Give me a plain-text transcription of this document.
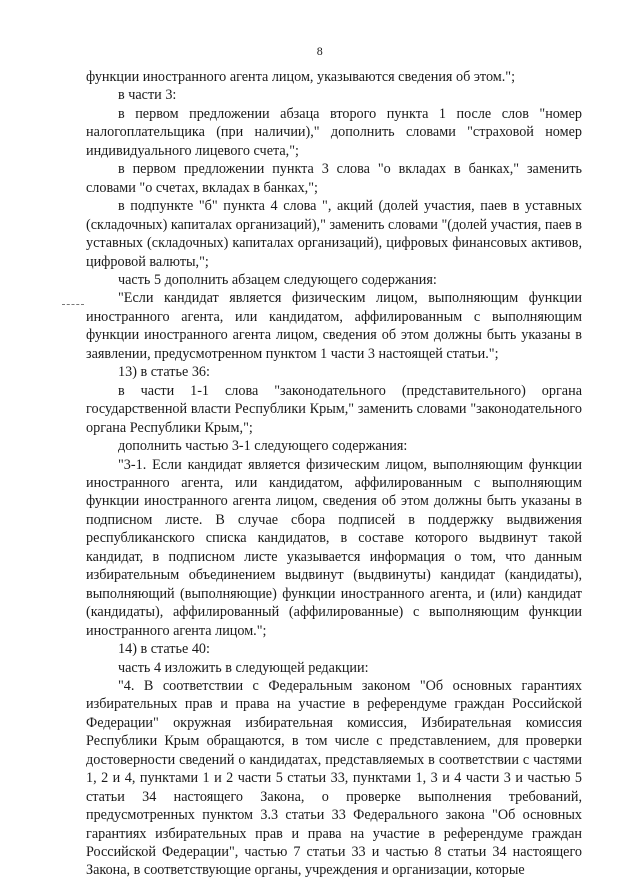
8

функции иностранного агента лицом, указываются сведения об этом.";

в части 3:

в первом предложении абзаца второго пункта 1 после слов "номер налогоплательщика (при наличии)," дополнить словами "страховой номер индивидуального лицевого счета,";

в первом предложении пункта 3 слова "о вкладах в банках," заменить словами "о счетах, вкладах в банках,";

в подпункте "б" пункта 4 слова ", акций (долей участия, паев в уставных (складочных) капиталах организаций)," заменить словами "(долей участия, паев в уставных (складочных) капиталах организаций), цифровых финансовых активов, цифровой валюты,";

часть 5 дополнить абзацем следующего содержания:

"Если кандидат является физическим лицом, выполняющим функции иностранного агента, или кандидатом, аффилированным с выполняющим функции иностранного агента лицом, сведения об этом должны быть указаны в заявлении, предусмотренном пунктом 1 части 3 настоящей статьи.";

13) в статье 36:

в части 1-1 слова "законодательного (представительного) органа государственной власти Республики Крым," заменить словами "законодательного органа Республики Крым,";

дополнить частью 3-1 следующего содержания:

"3-1. Если кандидат является физическим лицом, выполняющим функции иностранного агента, или кандидатом, аффилированным с выполняющим функции иностранного агента лицом, сведения об этом должны быть указаны в подписном листе. В случае сбора подписей в поддержку выдвижения республиканского списка кандидатов, в составе которого выдвинут такой кандидат, в подписном листе указывается информация о том, что данным избирательным объединением выдвинут (выдвинуты) кандидат (кандидаты), выполняющий (выполняющие) функции иностранного агента, и (или) кандидат (кандидаты), аффилированный (аффилированные) с выполняющим функции иностранного агента лицом.";

14) в статье 40:

часть 4 изложить в следующей редакции:

"4. В соответствии с Федеральным законом "Об основных гарантиях избирательных прав и права на участие в референдуме граждан Российской Федерации" окружная избирательная комиссия, Избирательная комиссия Республики Крым обращаются, в том числе с представлением, для проверки достоверности сведений о кандидатах, представляемых в соответствии с частями 1, 2 и 4, пунктами 1 и 2 части 5 статьи 33, пунктами 1, 3 и 4 части 3 и частью 5 статьи 34 настоящего Закона, о проверке выполнения требований, предусмотренных пунктом 3.3 статьи 33 Федерального закона "Об основных гарантиях избирательных прав и права на участие в референдуме граждан Российской Федерации", частью 7 статьи 33 и частью 8 статьи 34 настоящего Закона, в соответствующие органы, учреждения и организации, которые
